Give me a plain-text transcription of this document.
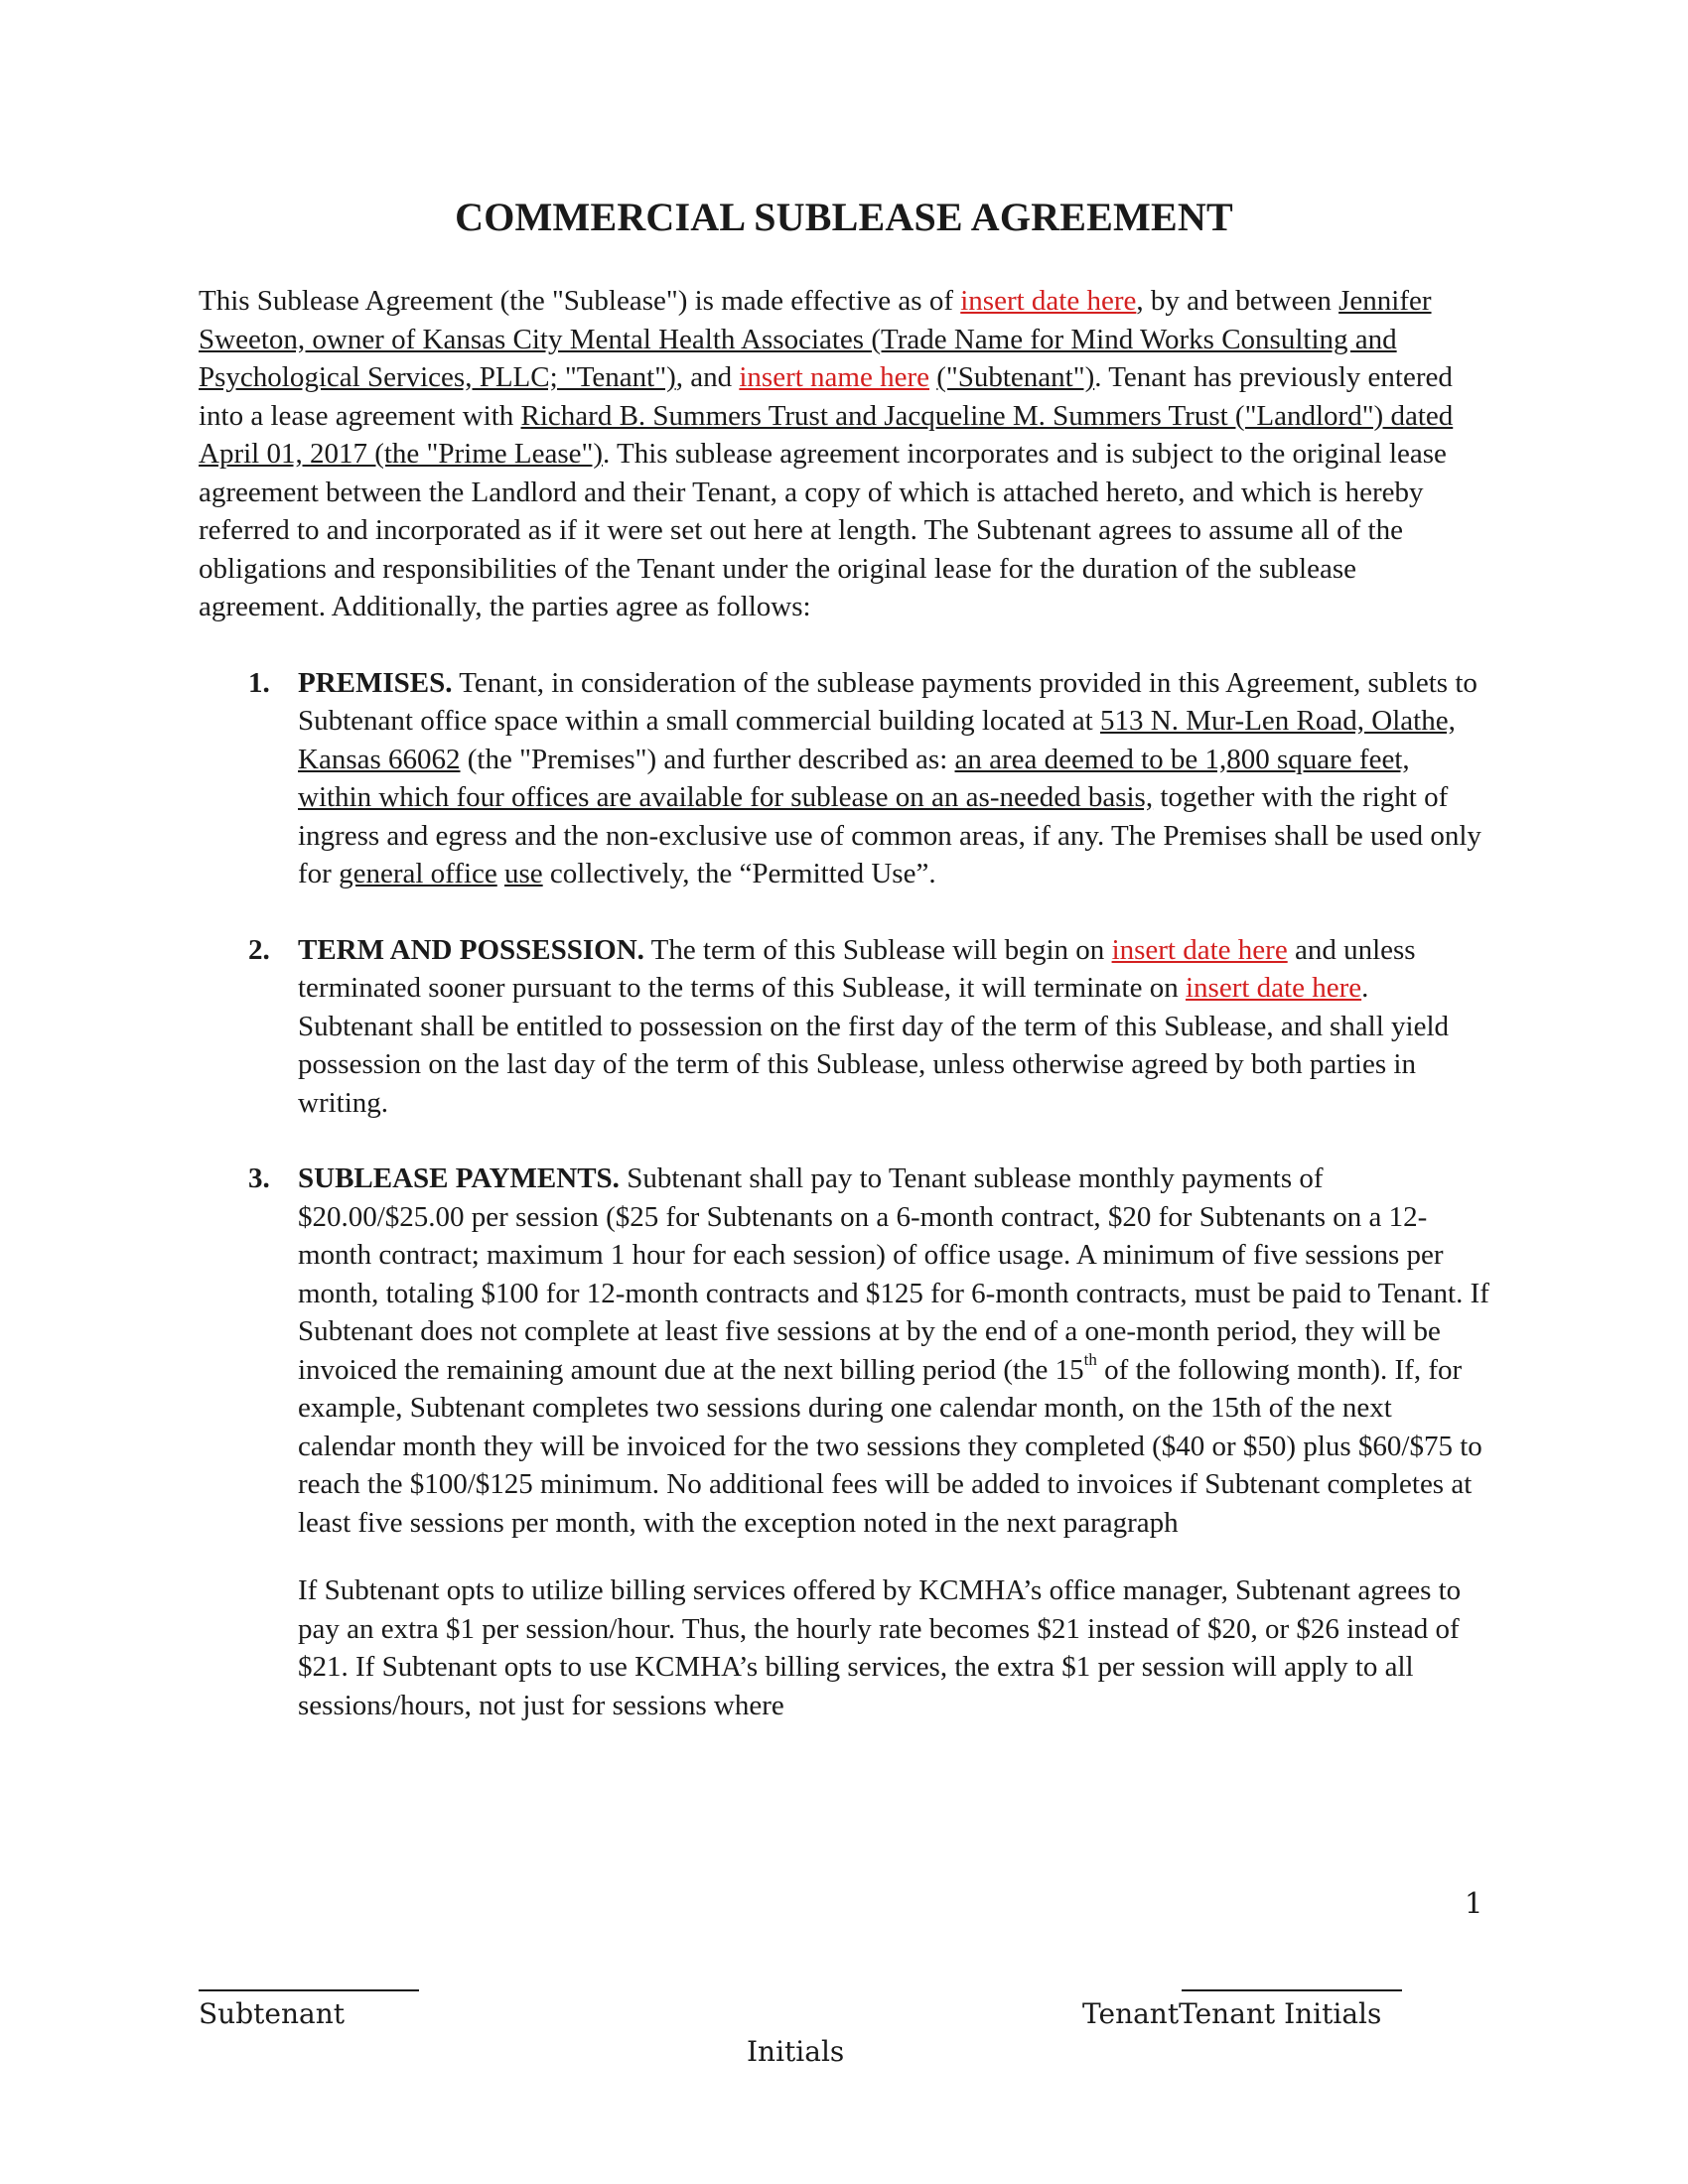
COMMERCIAL SUBLEASE AGREEMENT

This Sublease Agreement (the "Sublease") is made effective as of insert date here, by and between Jennifer Sweeton, owner of Kansas City Mental Health Associates (Trade Name for Mind Works Consulting and Psychological Services, PLLC; "Tenant"), and insert name here ("Subtenant"). Tenant has previously entered into a lease agreement with Richard B. Summers Trust and Jacqueline M. Summers Trust ("Landlord") dated April 01, 2017 (the "Prime Lease"). This sublease agreement incorporates and is subject to the original lease agreement between the Landlord and their Tenant, a copy of which is attached hereto, and which is hereby referred to and incorporated as if it were set out here at length. The Subtenant agrees to assume all of the obligations and responsibilities of the Tenant under the original lease for the duration of the sublease agreement. Additionally, the parties agree as follows:

1. PREMISES. Tenant, in consideration of the sublease payments provided in this Agreement, sublets to Subtenant office space within a small commercial building located at 513 N. Mur-Len Road, Olathe, Kansas 66062 (the "Premises") and further described as: an area deemed to be 1,800 square feet, within which four offices are available for sublease on an as-needed basis, together with the right of ingress and egress and the non-exclusive use of common areas, if any. The Premises shall be used only for general office use collectively, the “Permitted Use”.
2. TERM AND POSSESSION. The term of this Sublease will begin on insert date here and unless terminated sooner pursuant to the terms of this Sublease, it will terminate on insert date here. Subtenant shall be entitled to possession on the first day of the term of this Sublease, and shall yield possession on the last day of the term of this Sublease, unless otherwise agreed by both parties in writing.
3. SUBLEASE PAYMENTS. Subtenant shall pay to Tenant sublease monthly payments of $20.00/$25.00 per session ($25 for Subtenants on a 6-month contract, $20 for Subtenants on a 12-month contract; maximum 1 hour for each session) of office usage. A minimum of five sessions per month, totaling $100 for 12-month contracts and $125 for 6-month contracts, must be paid to Tenant. If Subtenant does not complete at least five sessions at by the end of a one-month period, they will be invoiced the remaining amount due at the next billing period (the 15th of the following month). If, for example, Subtenant completes two sessions during one calendar month, on the 15th of the next calendar month they will be invoiced for the two sessions they completed ($40 or $50) plus $60/$75 to reach the $100/$125 minimum. No additional fees will be added to invoices if Subtenant completes at least five sessions per month, with the exception noted in the next paragraph

If Subtenant opts to utilize billing services offered by KCMHA’s office manager, Subtenant agrees to pay an extra $1 per session/hour. Thus, the hourly rate becomes $21 instead of $20, or $26 instead of $21. If Subtenant opts to use KCMHA’s billing services, the extra $1 per session will apply to all sessions/hours, not just for sessions where

1
Subtenant	TenantTenant Initials
Initials
